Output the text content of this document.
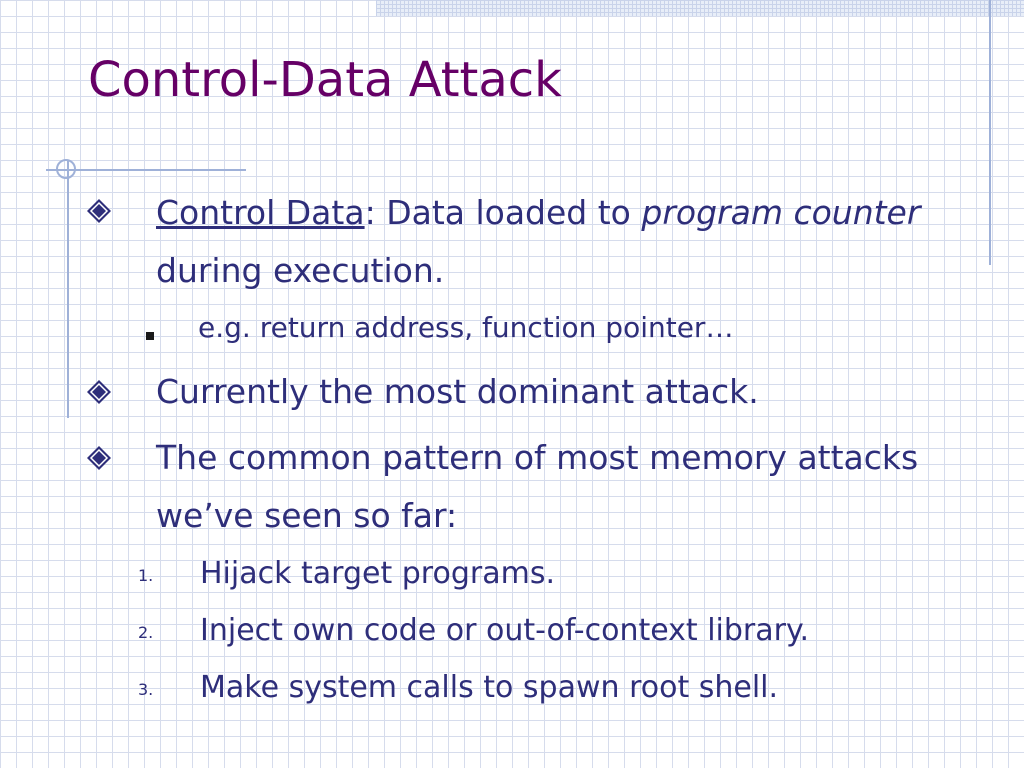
Control-Data Attack
Control Data: Data loaded to program counter during execution.
e.g. return address, function pointer…
Currently the most dominant attack.
The common pattern of most memory attacks we’ve seen so far:
1. Hijack target programs.
2. Inject own code or out-of-context library.
3. Make system calls to spawn root shell.
